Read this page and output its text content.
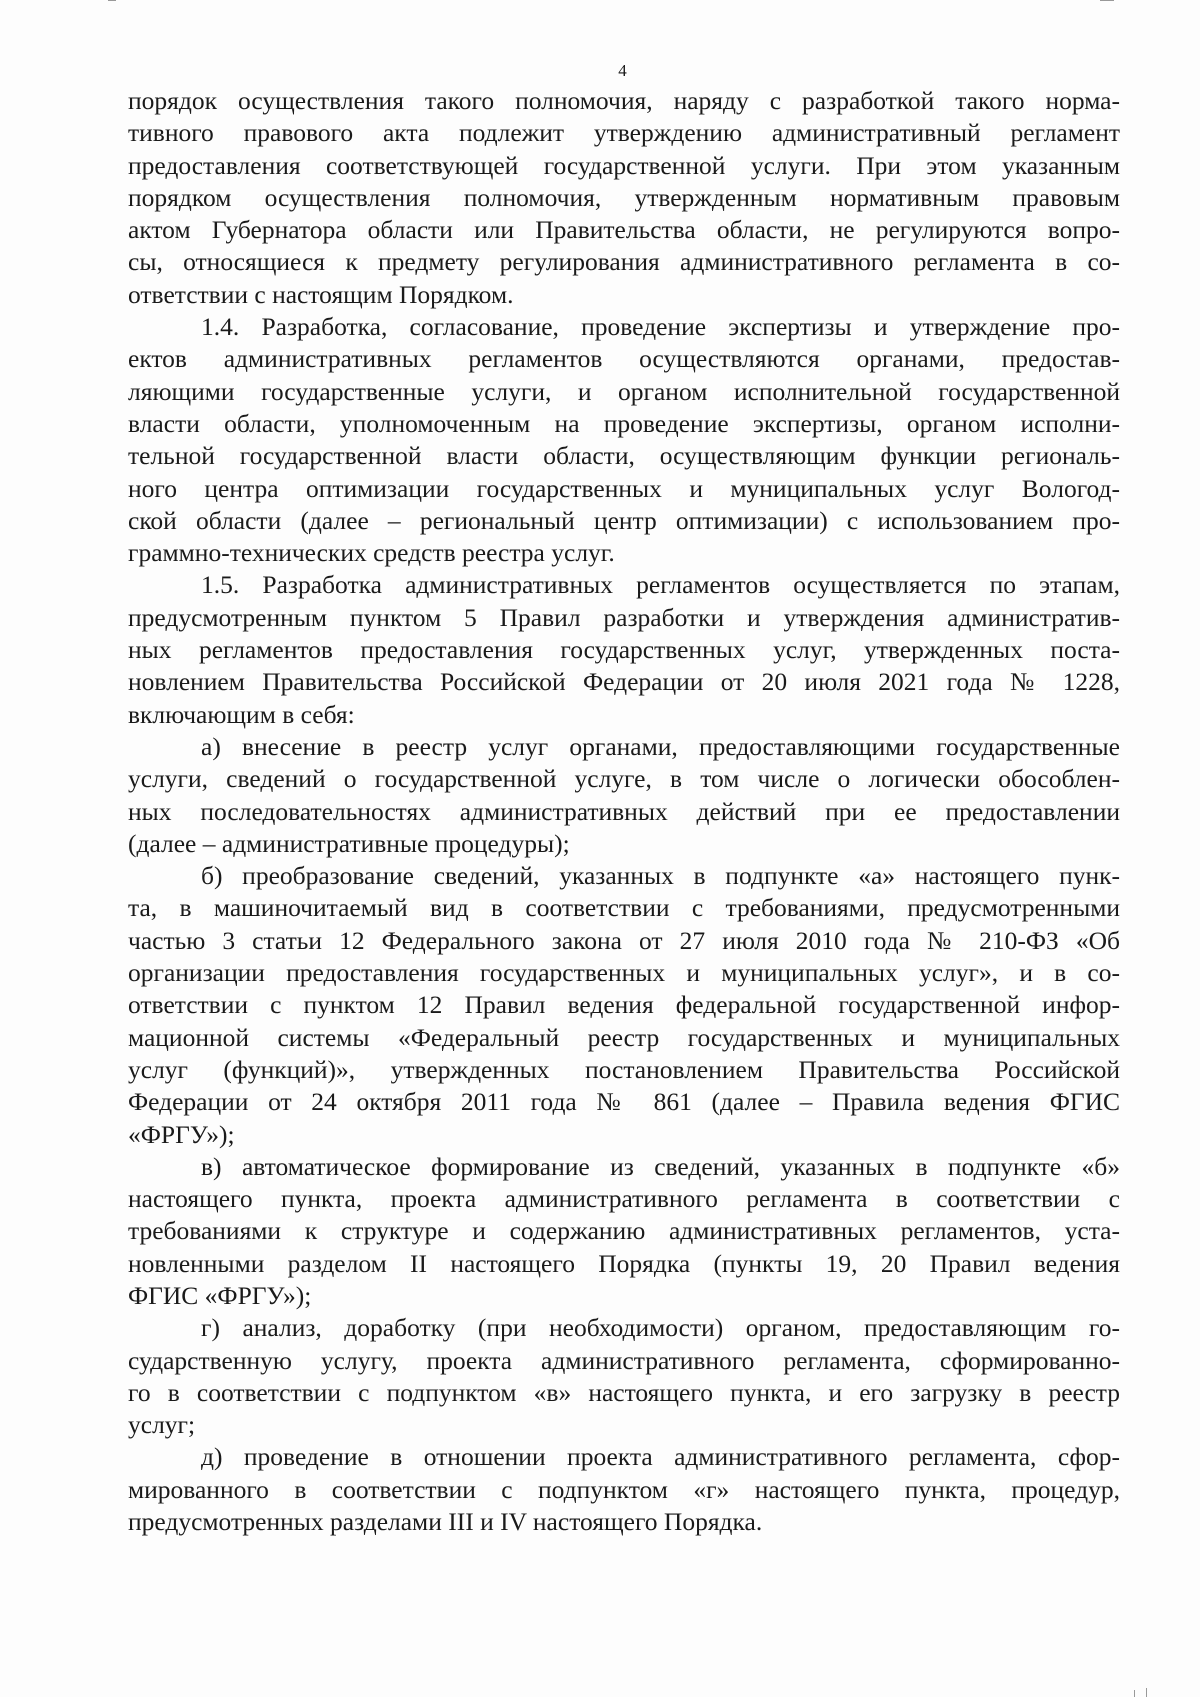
4
порядок осуществления такого полномочия, наряду с разработкой такого норма-
тивного правового акта подлежит утверждению административный регламент
предоставления соответствующей государственной услуги. При этом указанным
порядком осуществления полномочия, утвержденным нормативным правовым
актом Губернатора области или Правительства области, не регулируются вопро-
сы, относящиеся к предмету регулирования административного регламента в со-
ответствии с настоящим Порядком.
1.4. Разработка, согласование, проведение экспертизы и утверждение про-
ектов административных регламентов осуществляются органами, предостав-
ляющими государственные услуги, и органом исполнительной государственной
власти области, уполномоченным на проведение экспертизы, органом исполни-
тельной государственной власти области, осуществляющим функции региональ-
ного центра оптимизации государственных и муниципальных услуг Вологод-
ской области (далее – региональный центр оптимизации) с использованием про-
граммно-технических средств реестра услуг.
1.5. Разработка административных регламентов осуществляется по этапам,
предусмотренным пунктом 5 Правил разработки и утверждения административ-
ных регламентов предоставления государственных услуг, утвержденных поста-
новлением Правительства Российской Федерации от 20 июля 2021 года № 1228,
включающим в себя:
а) внесение в реестр услуг органами, предоставляющими государственные
услуги, сведений о государственной услуге, в том числе о логически обособлен-
ных последовательностях административных действий при ее предоставлении
(далее – административные процедуры);
б) преобразование сведений, указанных в подпункте «а» настоящего пунк-
та, в машиночитаемый вид в соответствии с требованиями, предусмотренными
частью 3 статьи 12 Федерального закона от 27 июля 2010 года № 210-ФЗ «Об
организации предоставления государственных и муниципальных услуг», и в со-
ответствии с пунктом 12 Правил ведения федеральной государственной инфор-
мационной системы «Федеральный реестр государственных и муниципальных
услуг (функций)», утвержденных постановлением Правительства Российской
Федерации от 24 октября 2011 года № 861 (далее – Правила ведения ФГИС
«ФРГУ»);
в) автоматическое формирование из сведений, указанных в подпункте «б»
настоящего пункта, проекта административного регламента в соответствии с
требованиями к структуре и содержанию административных регламентов, уста-
новленными разделом II настоящего Порядка (пункты 19, 20 Правил ведения
ФГИС «ФРГУ»);
г) анализ, доработку (при необходимости) органом, предоставляющим го-
сударственную услугу, проекта административного регламента, сформированно-
го в соответствии с подпунктом «в» настоящего пункта, и его загрузку в реестр
услуг;
д) проведение в отношении проекта административного регламента, сфор-
мированного в соответствии с подпунктом «г» настоящего пункта, процедур,
предусмотренных разделами III и IV настоящего Порядка.
